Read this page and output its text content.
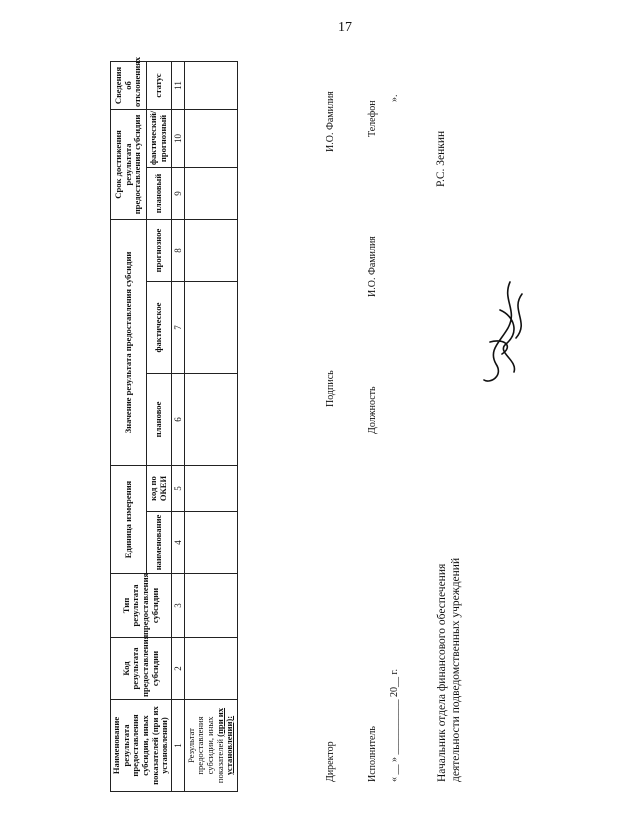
17
Наименование результата предоставления субсидии, иных показателей (при их установлении)	Код результата предоставления субсидии	Тип результата предоставления субсидии	Единица измерения		Значение результата предоставления субсидии			Срок достижения результата предоставления субсидии		Сведения об отклонениях
			наименование	код по ОКЕИ	плановое	фактическое	прогнозное	плановый	фактический/ прогнозный	статус
1	2	3	4	5	6	7	8	9	10	11
Результат предоставления субсидии, иных показателей (при их установлении):											Директор
Подпись
И.О. Фамилия
Исполнитель
Должность
И.О. Фамилия
Телефон
« __ » ___________ 20__ г.
».
Начальник отдела финансового обеспечения деятельности подведомственных учреждений
Р.С. Зенкин
